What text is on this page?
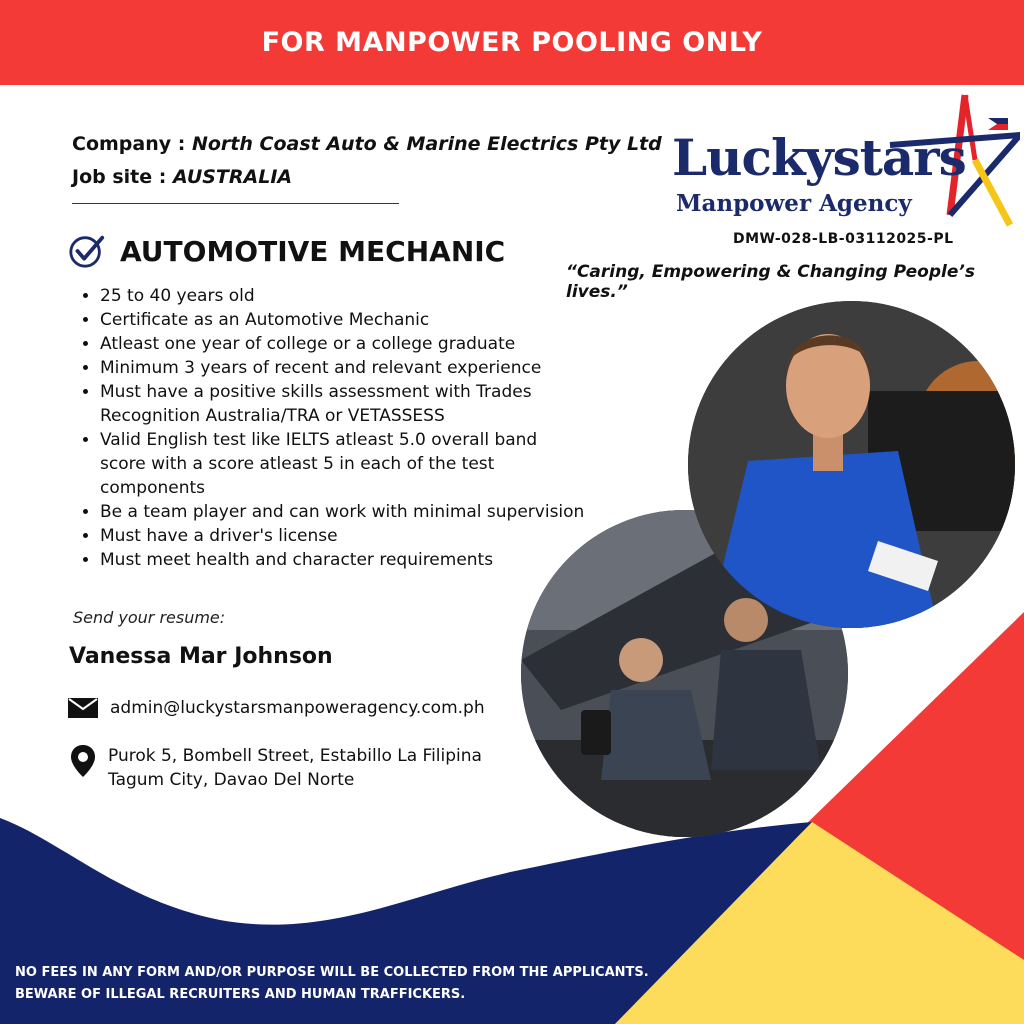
FOR MANPOWER POOLING ONLY
Company : North Coast Auto & Marine Electrics Pty Ltd
Job site : AUSTRALIA
AUTOMOTIVE MECHANIC
• 25 to 40 years old
• Certificate as an Automotive Mechanic
• Atleast one year of college or a college graduate
• Minimum 3 years of recent and relevant experience
• Must have a positive skills assessment with Trades Recognition Australia/TRA or VETASSESS
• Valid English test like IELTS atleast 5.0 overall band score with a score atleast 5 in each of the test components
• Be a team player and can work with minimal supervision
• Must have a driver's license
• Must meet health and character requirements
Send your resume:
Vanessa Mar Johnson
admin@luckystarsmanpoweragency.com.ph
Purok 5, Bombell Street, Estabillo La Filipina
Tagum City, Davao Del Norte
Luckystars
Manpower Agency
DMW-028-LB-03112025-PL
“Caring, Empowering & Changing People’s lives.”
NO FEES IN ANY FORM AND/OR PURPOSE WILL BE COLLECTED FROM THE APPLICANTS.
BEWARE OF ILLEGAL RECRUITERS AND HUMAN TRAFFICKERS.
